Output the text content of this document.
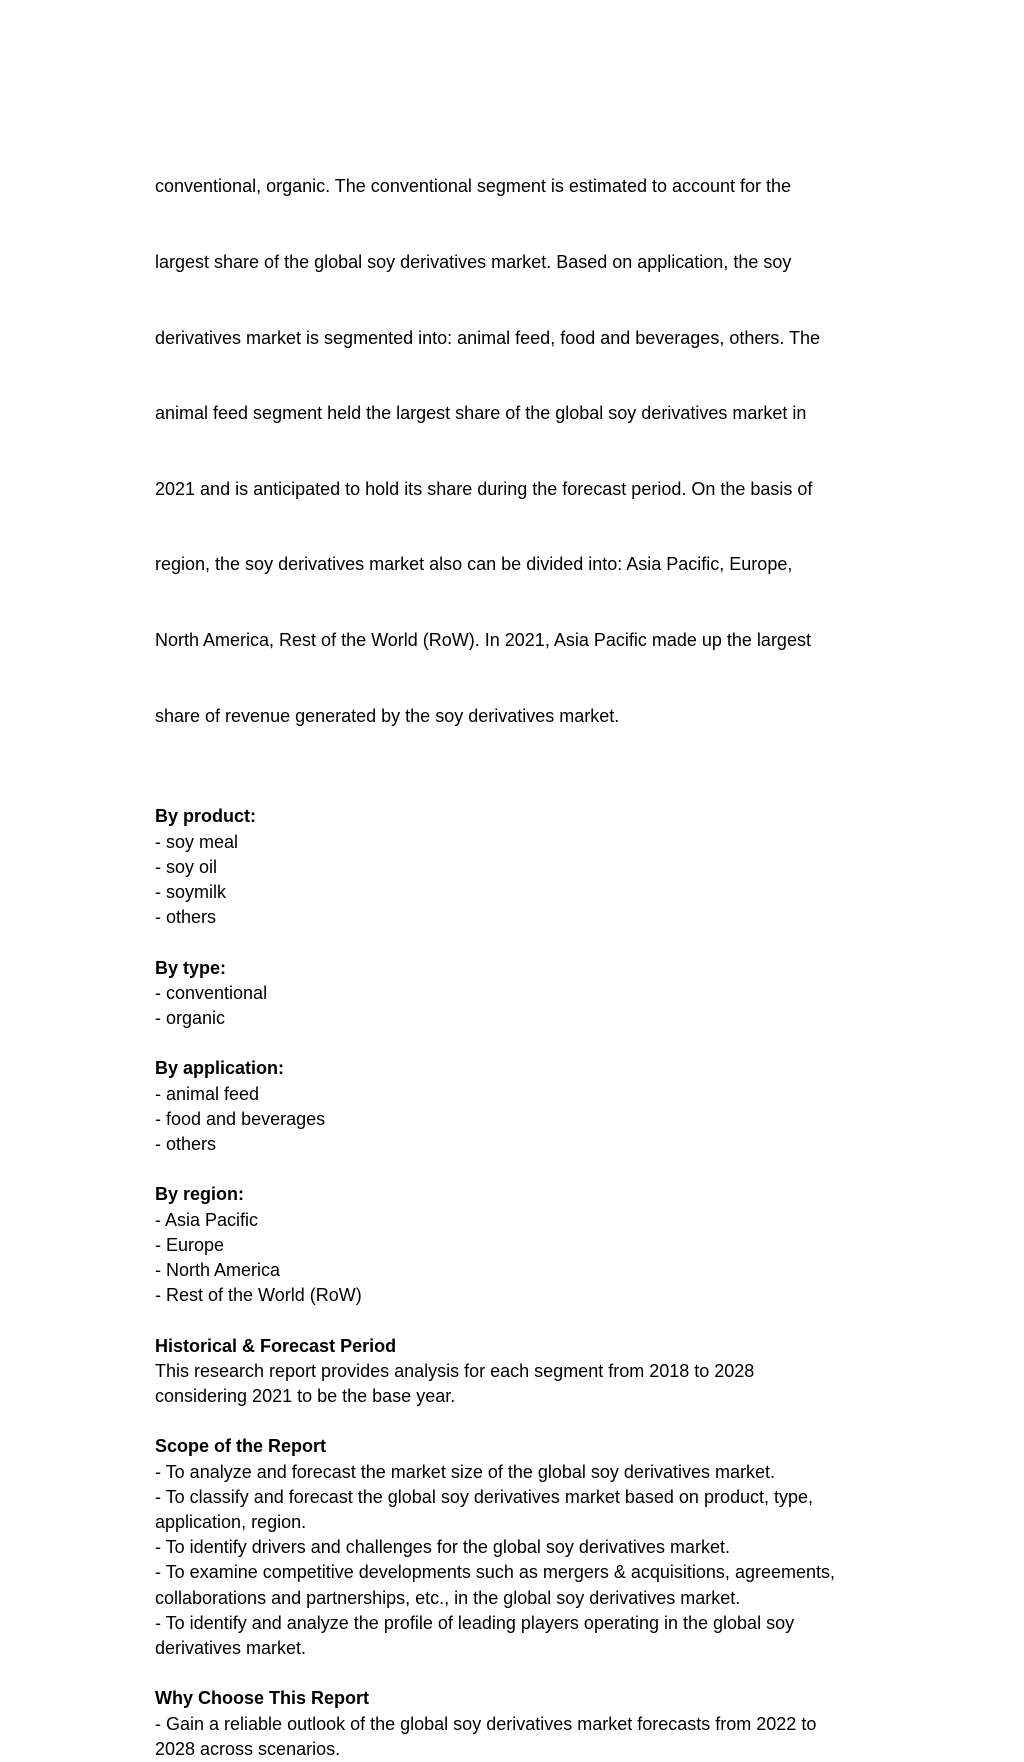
conventional, organic. The conventional segment is estimated to account for the

largest share of the global soy derivatives market. Based on application, the soy

derivatives market is segmented into: animal feed, food and beverages, others. The

animal feed segment held the largest share of the global soy derivatives market in

2021 and is anticipated to hold its share during the forecast period. On the basis of

region, the soy derivatives market also can be divided into: Asia Pacific, Europe,

North America, Rest of the World (RoW). In 2021, Asia Pacific made up the largest

share of revenue generated by the soy derivatives market.

By product:
- soy meal
- soy oil
- soymilk
- others
By type:
- conventional
- organic
By application:
- animal feed
- food and beverages
- others
By region:
- Asia Pacific
- Europe
- North America
- Rest of the World (RoW)
Historical & Forecast Period
This research report provides analysis for each segment from 2018 to 2028
considering 2021 to be the base year.
Scope of the Report
- To analyze and forecast the market size of the global soy derivatives market.
- To classify and forecast the global soy derivatives market based on product, type,
application, region.
- To identify drivers and challenges for the global soy derivatives market.
- To examine competitive developments such as mergers & acquisitions, agreements,
collaborations and partnerships, etc., in the global soy derivatives market.
- To identify and analyze the profile of leading players operating in the global soy
derivatives market.
Why Choose This Report
- Gain a reliable outlook of the global soy derivatives market forecasts from 2022 to
2028 across scenarios.
